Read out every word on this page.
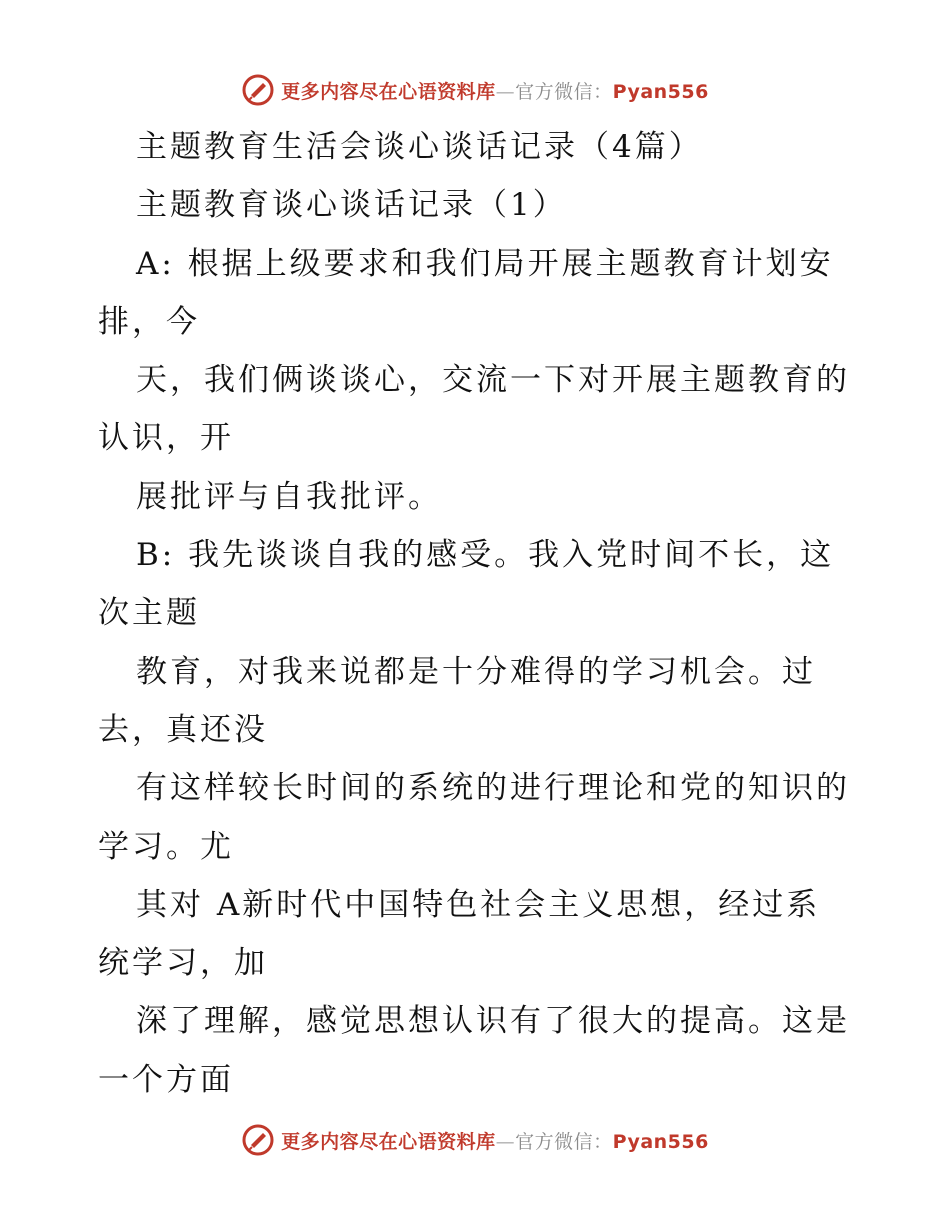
更多内容尽在心语资料库—官方微信：Pyan556
主题教育生活会谈心谈话记录（4篇）
主题教育谈心谈话记录（1）
A: 根据上级要求和我们局开展主题教育计划安
排，今
天，我们俩谈谈心，交流一下对开展主题教育的
认识，开
展批评与自我批评。
B: 我先谈谈自我的感受。我入党时间不长，这
次主题
教育，对我来说都是十分难得的学习机会。过
去，真还没
有这样较长时间的系统的进行理论和党的知识的
学习。尤
其对 A新时代中国特色社会主义思想，经过系
统学习，加
深了理解，感觉思想认识有了很大的提高。这是
一个方面
更多内容尽在心语资料库—官方微信：Pyan556
